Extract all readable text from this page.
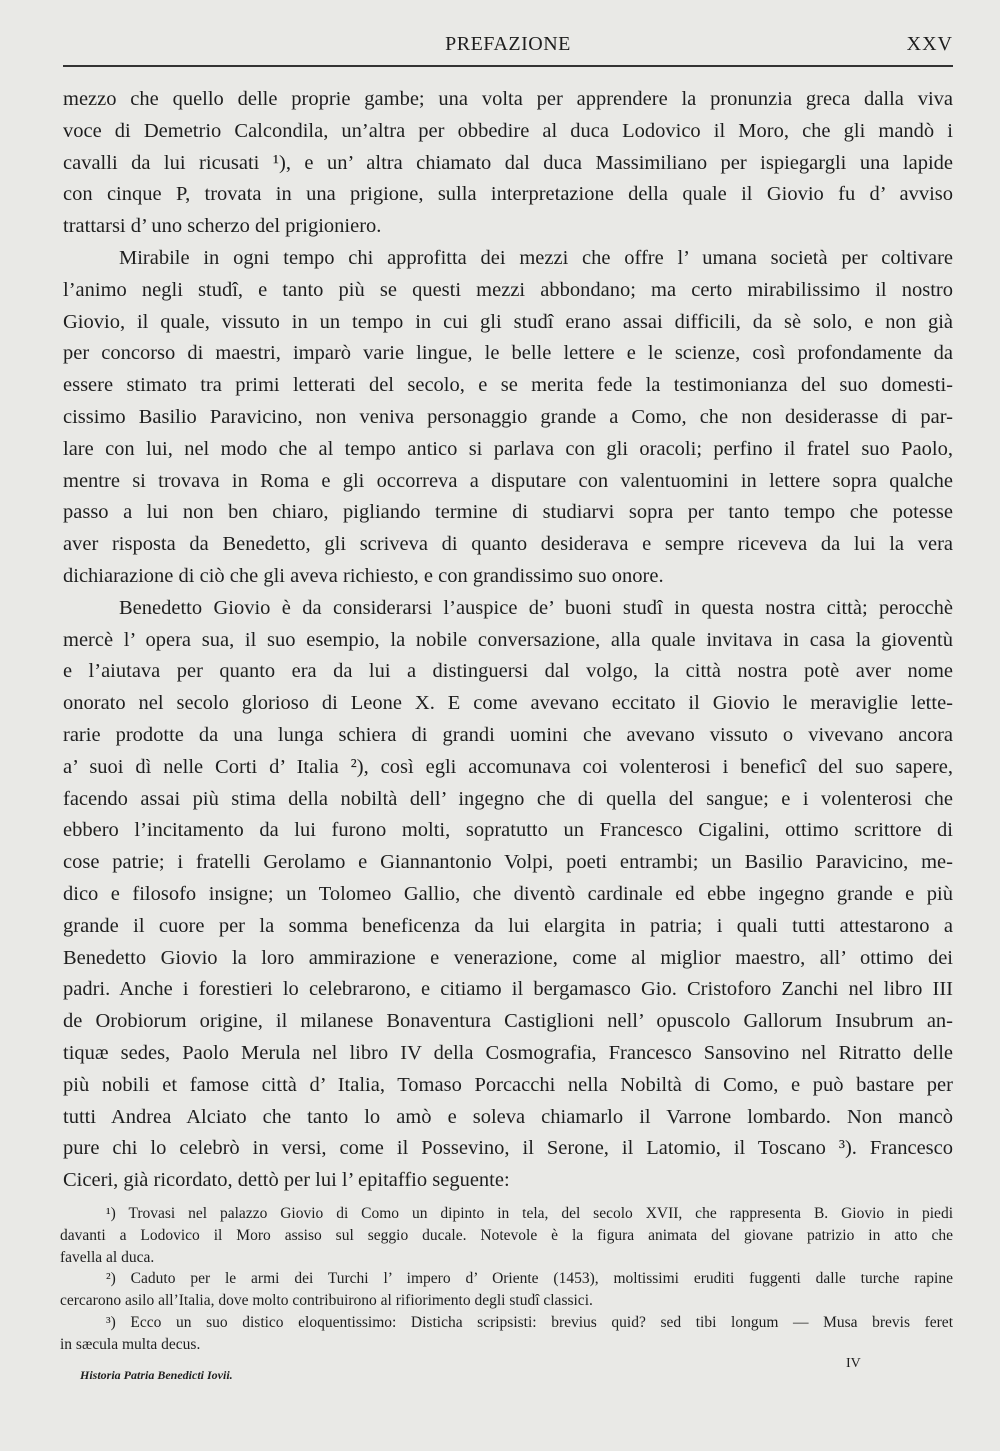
PREFAZIONE	XXV
mezzo che quello delle proprie gambe; una volta per apprendere la pronunzia greca dalla viva
voce di Demetrio Calcondila, un’altra per obbedire al duca Lodovico il Moro, che gli mandò i
cavalli da lui ricusati ¹), e un’ altra chiamato dal duca Massimiliano per ispiegargli una lapide
con cinque P, trovata in una prigione, sulla interpretazione della quale il Giovio fu d’ avviso
trattarsi d’ uno scherzo del prigioniero.
Mirabile in ogni tempo chi approfitta dei mezzi che offre l’ umana società per coltivare
l’animo negli studî, e tanto più se questi mezzi abbondano; ma certo mirabilissimo il nostro
Giovio, il quale, vissuto in un tempo in cui gli studî erano assai difficili, da sè solo, e non già
per concorso di maestri, imparò varie lingue, le belle lettere e le scienze, così profondamente da
essere stimato tra primi letterati del secolo, e se merita fede la testimonianza del suo domesti-
cissimo Basilio Paravicino, non veniva personaggio grande a Como, che non desiderasse di par-
lare con lui, nel modo che al tempo antico si parlava con gli oracoli; perfino il fratel suo Paolo,
mentre si trovava in Roma e gli occorreva a disputare con valentuomini in lettere sopra qualche
passo a lui non ben chiaro, pigliando termine di studiarvi sopra per tanto tempo che potesse
aver risposta da Benedetto, gli scriveva di quanto desiderava e sempre riceveva da lui la vera
dichiarazione di ciò che gli aveva richiesto, e con grandissimo suo onore.
Benedetto Giovio è da considerarsi l’auspice de’ buoni studî in questa nostra città; perocchè
mercè l’ opera sua, il suo esempio, la nobile conversazione, alla quale invitava in casa la gioventù
e l’aiutava per quanto era da lui a distinguersi dal volgo, la città nostra potè aver nome
onorato nel secolo glorioso di Leone X. E come avevano eccitato il Giovio le meraviglie lette-
rarie prodotte da una lunga schiera di grandi uomini che avevano vissuto o vivevano ancora
a’ suoi dì nelle Corti d’ Italia ²), così egli accomunava coi volenterosi i beneficî del suo sapere,
facendo assai più stima della nobiltà dell’ ingegno che di quella del sangue; e i volenterosi che
ebbero l’incitamento da lui furono molti, sopratutto un Francesco Cigalini, ottimo scrittore di
cose patrie; i fratelli Gerolamo e Giannantonio Volpi, poeti entrambi; un Basilio Paravicino, me-
dico e filosofo insigne; un Tolomeo Gallio, che diventò cardinale ed ebbe ingegno grande e più
grande il cuore per la somma beneficenza da lui elargita in patria; i quali tutti attestarono a
Benedetto Giovio la loro ammirazione e venerazione, come al miglior maestro, all’ ottimo dei
padri. Anche i forestieri lo celebrarono, e citiamo il bergamasco Gio. Cristoforo Zanchi nel libro III
de Orobiorum origine, il milanese Bonaventura Castiglioni nell’ opuscolo Gallorum Insubrum an-
tiquæ sedes, Paolo Merula nel libro IV della Cosmografia, Francesco Sansovino nel Ritratto delle
più nobili et famose città d’ Italia, Tomaso Porcacchi nella Nobiltà di Como, e può bastare per
tutti Andrea Alciato che tanto lo amò e soleva chiamarlo il Varrone lombardo. Non mancò
pure chi lo celebrò in versi, come il Possevino, il Serone, il Latomio, il Toscano ³). Francesco
Ciceri, già ricordato, dettò per lui l’ epitaffio seguente:
¹) Trovasi nel palazzo Giovio di Como un dipinto in tela, del secolo XVII, che rappresenta B. Giovio in piedi
davanti a Lodovico il Moro assiso sul seggio ducale. Notevole è la figura animata del giovane patrizio in atto che
favella al duca.
²) Caduto per le armi dei Turchi l’ impero d’ Oriente (1453), moltissimi eruditi fuggenti dalle turche rapine
cercarono asilo all’Italia, dove molto contribuirono al rifiorimento degli studî classici.
³) Ecco un suo distico eloquentissimo: Disticha scripsisti: brevius quid? sed tibi longum — Musa brevis feret
in sæcula multa decus.
Historia Patria Benedicti Iovii.
IV
